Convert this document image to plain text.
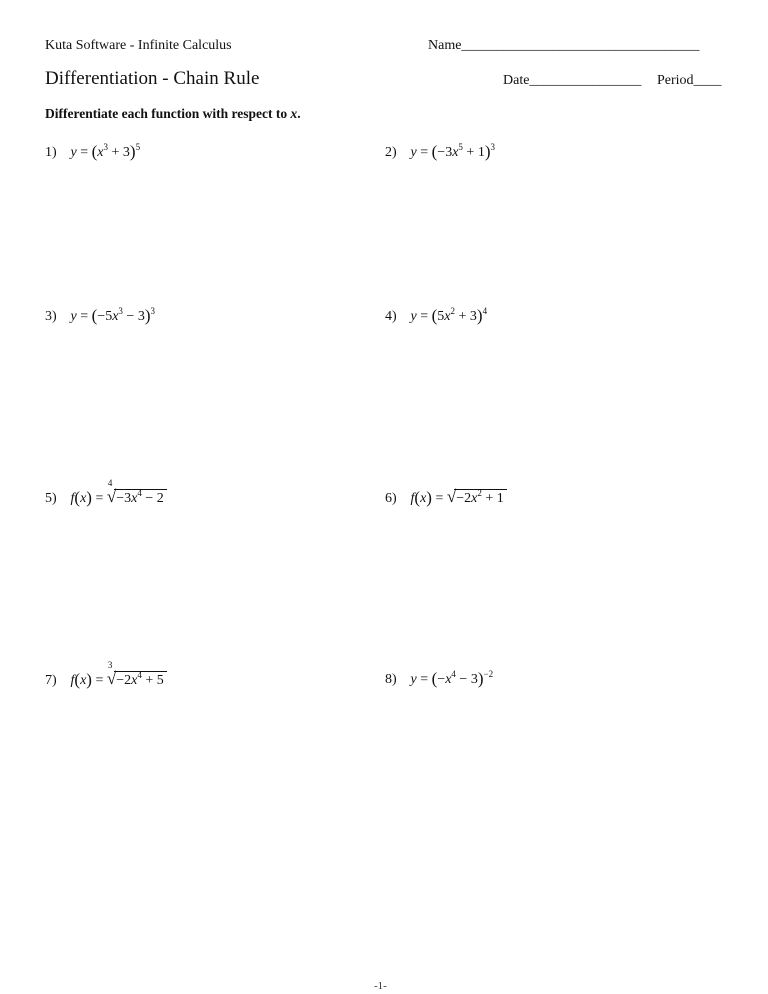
Kuta Software - Infinite Calculus	Name__________________________________
Differentiation - Chain Rule	Date________________ Period____
Differentiate each function with respect to x.
1) $y = (x^3 + 3)^5$	2) $y = (-3x^5 + 1)^3$
3) $y = (-5x^3 - 3)^3$	4) $y = (5x^2 + 3)^4$
5) f(x) =
4
$√-3x^4 - 2$	6) $f(x) = √-2x^2 + 1$
7) f(x) =
3
$√-2x^4 + 5$	8) $y = (-x^4 - 3)^{-2}$
-1-
